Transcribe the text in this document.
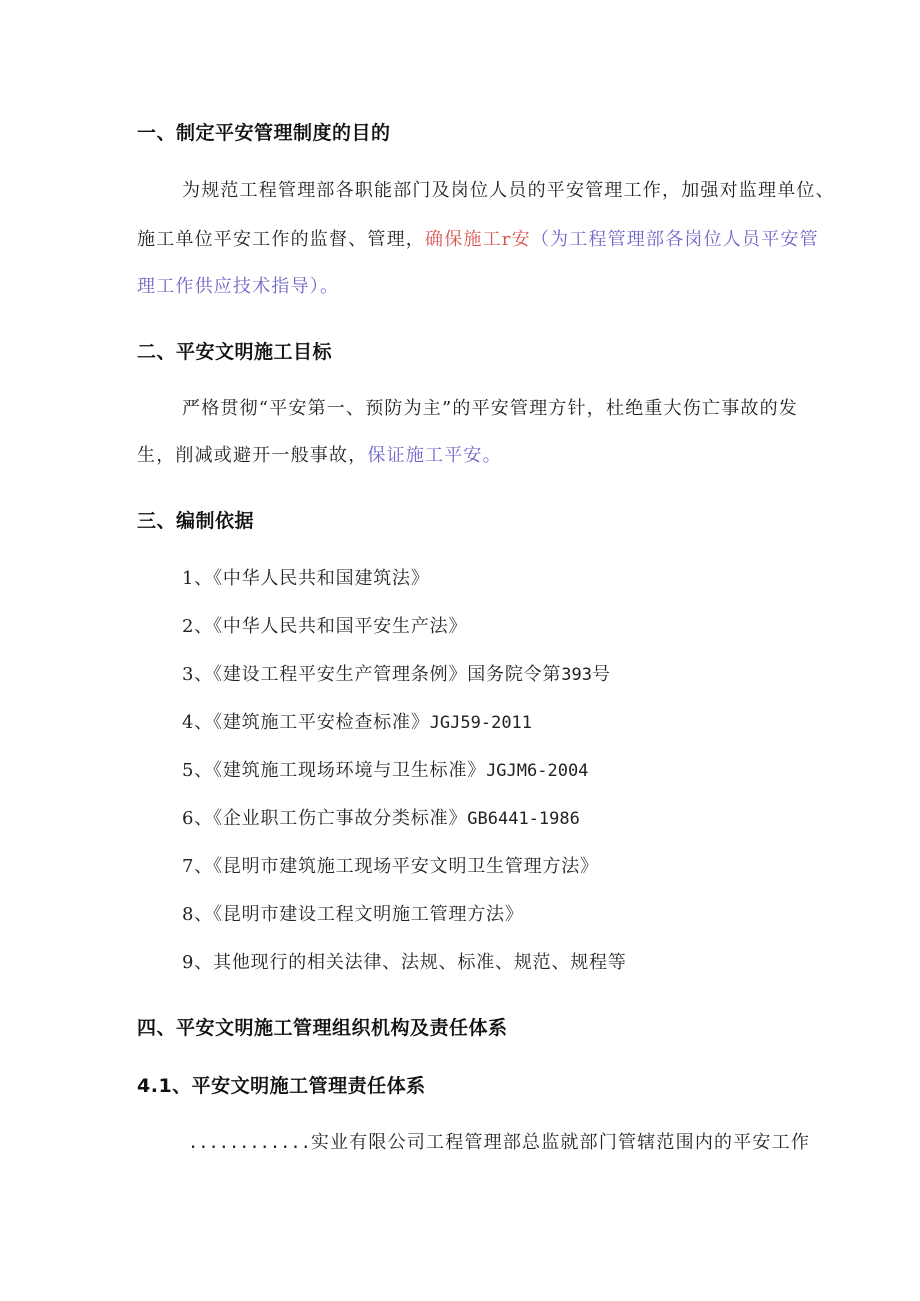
一、制定平安管理制度的目的
为规范工程管理部各职能部门及岗位人员的平安管理工作，加强对监理单位、
施工单位平安工作的监督、管理，确保施工r安（为工程管理部各岗位人员平安管
理工作供应技术指导）。
二、平安文明施工目标
严格贯彻“平安第一、预防为主”的平安管理方针，杜绝重大伤亡事故的发
生，削减或避开一般事故，保证施工平安。
三、编制依据
1、《中华人民共和国建筑法》
2、《中华人民共和国平安生产法》
3、《建设工程平安生产管理条例》国务院令第393号
4、《建筑施工平安检查标准》JGJ59-2011
5、《建筑施工现场环境与卫生标准》JGJM6-2004
6、《企业职工伤亡事故分类标准》GB6441-1986
7、《昆明市建筑施工现场平安文明卫生管理方法》
8、《昆明市建设工程文明施工管理方法》
9、其他现行的相关法律、法规、标准、规范、规程等
四、平安文明施工管理组织机构及责任体系
4.1、平安文明施工管理责任体系
............实业有限公司工程管理部总监就部门管辖范围内的平安工作
